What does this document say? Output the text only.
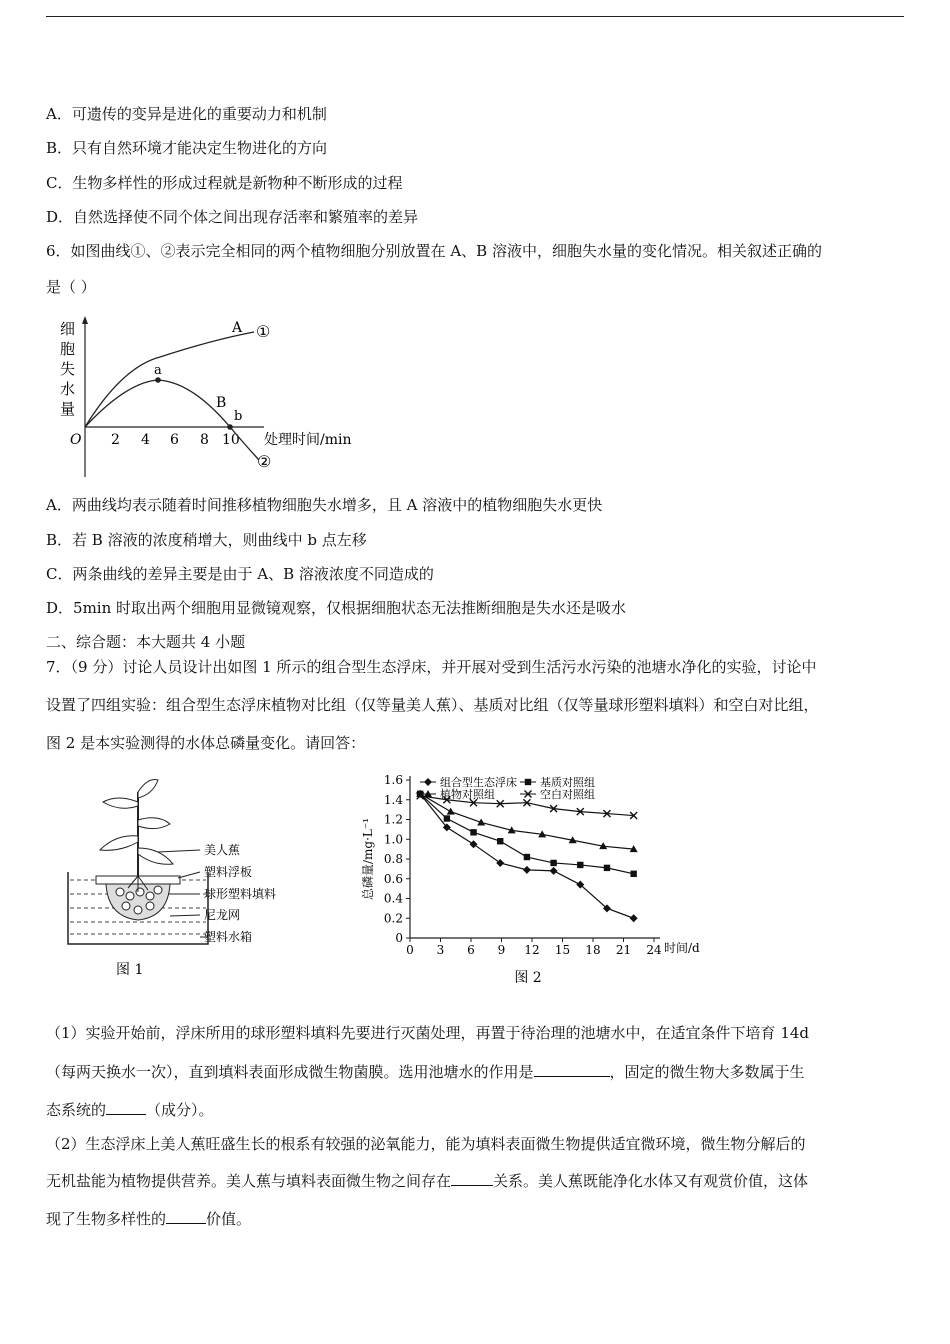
A．可遗传的变异是进化的重要动力和机制
B．只有自然环境才能决定生物进化的方向
C．生物多样性的形成过程就是新物种不断形成的过程
D．自然选择使不同个体之间出现存活率和繁殖率的差异
6．如图曲线①、②表示完全相同的两个植物细胞分别放置在 A、B 溶液中，细胞失水量的变化情况。相关叙述正确的
是（ ）
细
胞
失
水
量
O 2 4 6 8 10 处理时间/min
A ①
a
B
b
②
A．两曲线均表示随着时间推移植物细胞失水增多，且 A 溶液中的植物细胞失水更快
B．若 B 溶液的浓度稍增大，则曲线中 b 点左移
C．两条曲线的差异主要是由于 A、B 溶液浓度不同造成的
D．5min 时取出两个细胞用显微镜观察，仅根据细胞状态无法推断细胞是失水还是吸水
二、综合题：本大题共 4 小题
7．（9 分）讨论人员设计出如图 1 所示的组合型生态浮床，并开展对受到生活污水污染的池塘水净化的实验，讨论中
设置了四组实验：组合型生态浮床植物对比组（仅等量美人蕉）、基质对比组（仅等量球形塑料填料）和空白对比组，
图 2 是本实验测得的水体总磷量变化。请回答：
美人蕉
塑料浮板
球形塑料填料
尼龙网
塑料水箱
图 1
0
0.2
0.4
0.6
0.8
1.0
1.2
1.4
1.6
0 3 6 9 12 15 18 21 24 时间/d
总磷量/mg·L⁻¹
图 2
组合型生态浮床 基质对照组
植物对照组	空白对照组
（1）实验开始前，浮床所用的球形塑料填料先要进行灭菌处理，再置于待治理的池塘水中，在适宜条件下培育 14d
（每两天换水一次），直到填料表面形成微生物菌膜。选用池塘水的作用是	，固定的微生物大多数属于生
态系统的	（成分）。
（2）生态浮床上美人蕉旺盛生长的根系有较强的泌氧能力，能为填料表面微生物提供适宜微环境，微生物分解后的
无机盐能为植物提供营养。美人蕉与填料表面微生物之间存在	关系。美人蕉既能净化水体又有观赏价值，这体
现了生物多样性的	价值。
